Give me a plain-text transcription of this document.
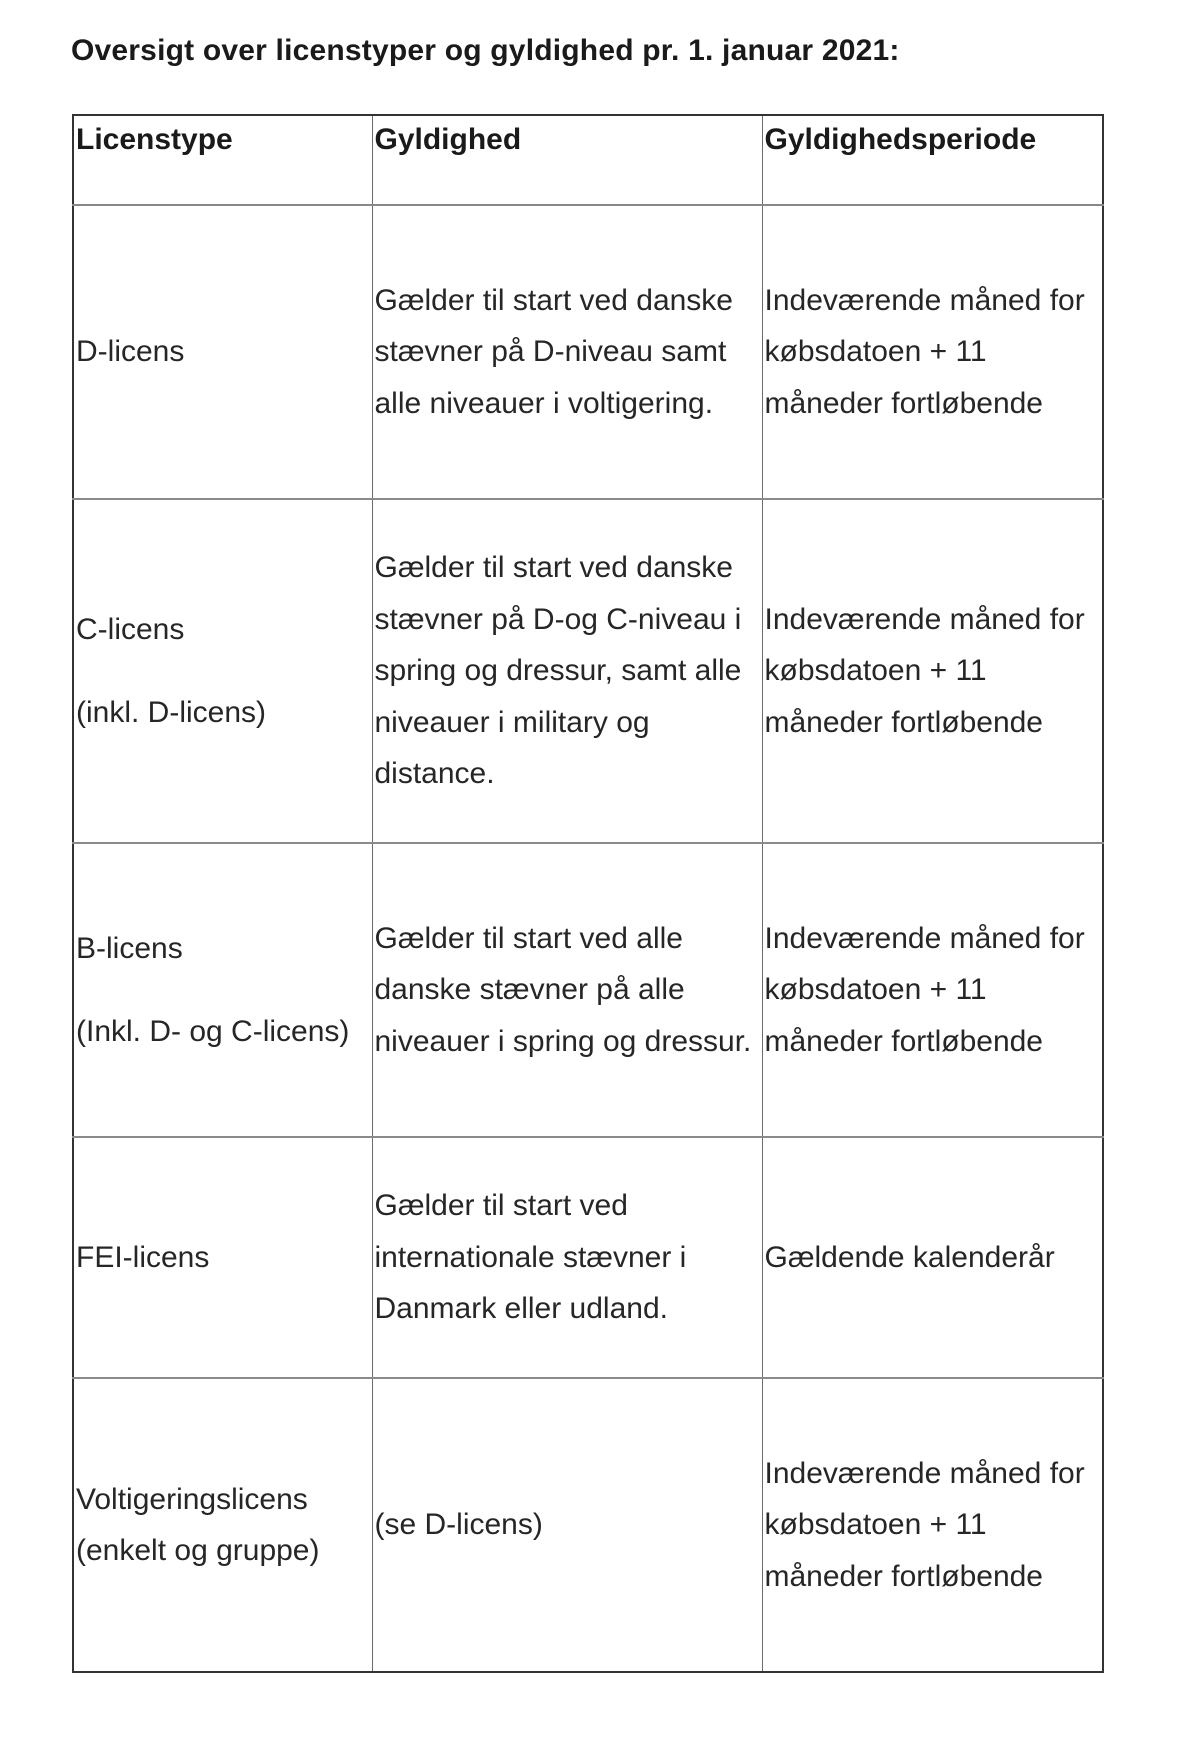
Oversigt over licenstyper og gyldighed pr. 1. januar 2021:
Licenstype	Gyldighed	Gyldighedsperiode

D-licens	Gælder til start ved danske stævner på D-niveau samt alle niveauer i voltigering.	Indeværende måned for købsdatoen + 11 måneder fortløbende

C-licens
(inkl. D-licens)	Gælder til start ved danske stævner på D-og C-niveau i spring og dressur, samt alle niveauer i military og distance.	Indeværende måned for købsdatoen + 11 måneder fortløbende

B-licens
(Inkl. D- og C-licens)	Gælder til start ved alle danske stævner på alle niveauer i spring og dressur.	Indeværende måned for købsdatoen + 11 måneder fortløbende

FEI-licens	Gælder til start ved internationale stævner i Danmark eller udland.	Gældende kalenderår

Voltigeringslicens (enkelt og gruppe)	(se D-licens)	Indeværende måned for købsdatoen + 11 måneder fortløbende
